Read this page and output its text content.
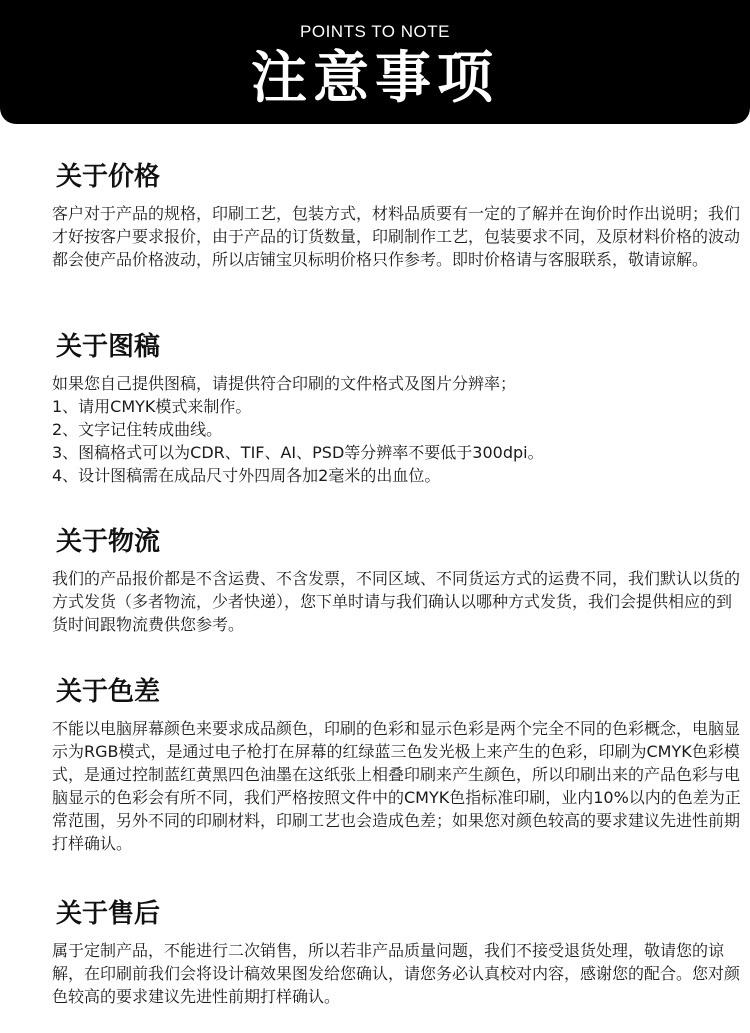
POINTS TO NOTE
注意事项
关于价格

客户对于产品的规格，印刷工艺，包装方式，材料品质要有一定的了解并在询价时作出说明；我们才好按客户要求报价，由于产品的订货数量，印刷制作工艺，包装要求不同，及原材料价格的波动都会使产品价格波动，所以店铺宝贝标明价格只作参考。即时价格请与客服联系，敬请谅解。

关于图稿

如果您自己提供图稿，请提供符合印刷的文件格式及图片分辨率；

1、请用CMYK模式来制作。

2、文字记住转成曲线。

3、图稿格式可以为CDR、TIF、AI、PSD等分辨率不要低于300dpi。

4、设计图稿需在成品尺寸外四周各加2毫米的出血位。

关于物流

我们的产品报价都是不含运费、不含发票，不同区域、不同货运方式的运费不同，我们默认以货的方式发货（多者物流，少者快递），您下单时请与我们确认以哪种方式发货，我们会提供相应的到货时间跟物流费供您参考。

关于色差

不能以电脑屏幕颜色来要求成品颜色，印刷的色彩和显示色彩是两个完全不同的色彩概念，电脑显示为RGB模式，是通过电子枪打在屏幕的红绿蓝三色发光极上来产生的色彩，印刷为CMYK色彩模式，是通过控制蓝红黄黑四色油墨在这纸张上相叠印刷来产生颜色，所以印刷出来的产品色彩与电脑显示的色彩会有所不同，我们严格按照文件中的CMYK色指标准印刷，业内10%以内的色差为正常范围，另外不同的印刷材料，印刷工艺也会造成色差；如果您对颜色较高的要求建议先进性前期打样确认。

关于售后

属于定制产品，不能进行二次销售，所以若非产品质量问题，我们不接受退货处理，敬请您的谅解，在印刷前我们会将设计稿效果图发给您确认，请您务必认真校对内容，感谢您的配合。您对颜色较高的要求建议先进性前期打样确认。
